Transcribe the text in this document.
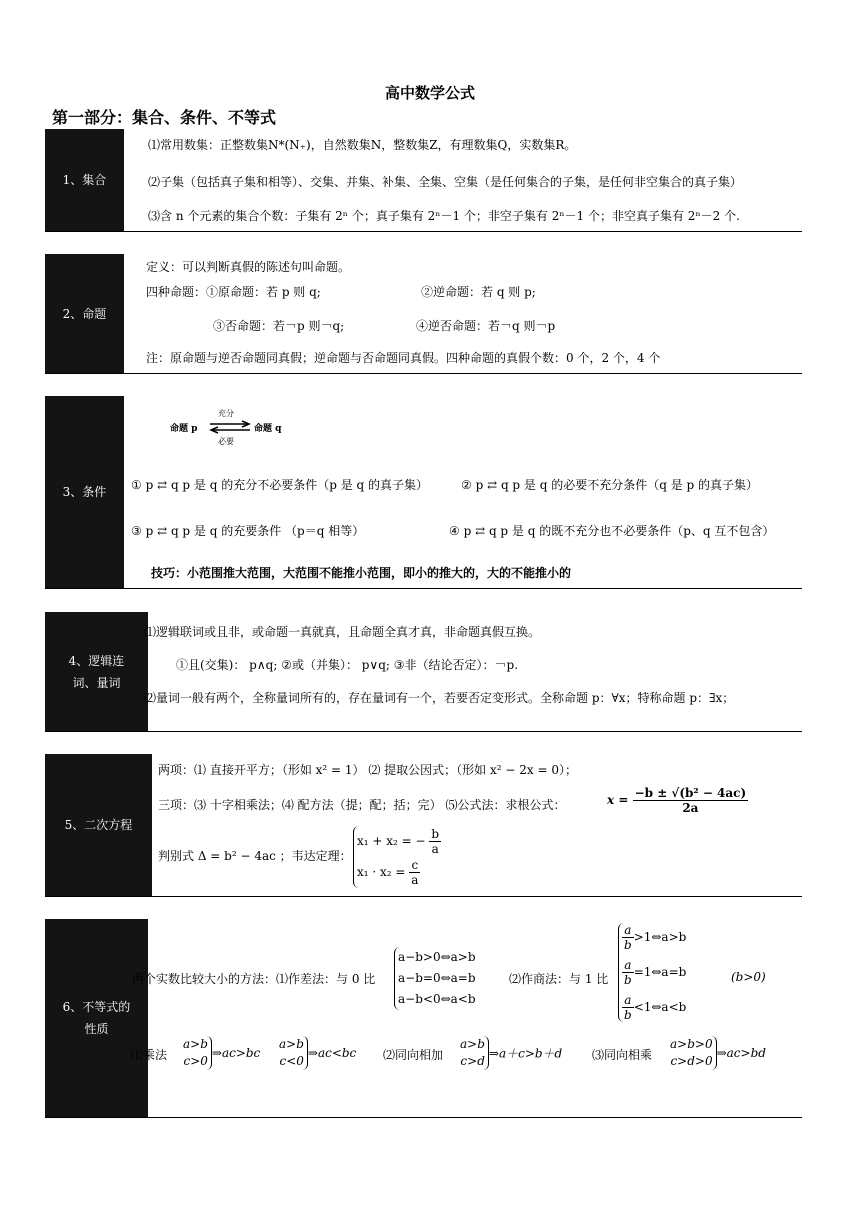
高中数学公式
第一部分：集合、条件、不等式
1、集合
⑴常用数集：正整数集N*(N₊)，自然数集N，整数集Z，有理数集Q，实数集R。
⑵子集（包括真子集和相等）、交集、并集、补集、全集、空集（是任何集合的子集，是任何非空集合的真子集）
⑶含 n 个元素的集合个数：子集有 2ⁿ 个；真子集有 2ⁿ－1 个；非空子集有 2ⁿ－1 个；非空真子集有 2ⁿ－2 个.
2、命题
定义：可以判断真假的陈述句叫命题。
四种命题：①原命题：若 p 则 q;	②逆命题：若 q 则 p;
③否命题：若￢p 则￢q;	④逆否命题：若￢q 则￢p
注：原命题与逆否命题同真假；逆命题与否命题同真假。四种命题的真假个数：0 个，2 个，4 个
3、条件
命题 p
充分
必要
命题 q
① p ⇄ q p 是 q 的充分不必要条件（p 是 q 的真子集）	② p ⇄ q p 是 q 的必要不充分条件（q 是 p 的真子集）
③ p ⇄ q p 是 q 的充要条件 （p＝q 相等）	④ p ⇄ q p 是 q 的既不充分也不必要条件（p、q 互不包含）
技巧：小范围推大范围，大范围不能推小范围，即小的推大的，大的不能推小的
4、逻辑连词、量词
⑴逻辑联词或且非，或命题一真就真，且命题全真才真，非命题真假互换。
①且(交集)： p∧q; ②或（并集）： p∨q; ③非（结论否定）：￢p.
⑵量词一般有两个，全称量词所有的，存在量词有一个，若要否定变形式。全称命题 p：∀x；特称命题 p：∃x；
5、二次方程
两项：⑴ 直接开平方；（形如 x² = 1） ⑵ 提取公因式；（形如 x² − 2x = 0）；
三项：⑶ 十字相乘法；⑷ 配方法（提；配；括；完） ⑸公式法：求根公式：	$x = \frac{\text{−b ± √(b² − 4ac)}}{2a}$
判别式 Δ = b² − 4ac ；韦达定理：
x₁ + x₂ = − $\frac{b}{a}$
$x_1 \cdot x_2 = \frac{c}{a}$
6、不等式的性质
两个实数比较大小的方法：⑴作差法：与 0 比
a−b>0⇔a>b
a−b=0⇔a=b
a−b<0⇔a<b
⑵作商法：与 1 比
$\frac{a}{b}$ >1⇔a>b
$\frac{a}{b}$ =1⇔a=b
$\frac{a}{b}$ <1⇔a<b
(b>0)
⑴乘法
a>b
c>0
⇒ac>bc
a>b
c<0
⇒ac<bc ⑵同向相加
a>b
c>d
⇒a＋c>b＋d ⑶同向相乘
a>b>0
c>d>0
⇒ac>bd
